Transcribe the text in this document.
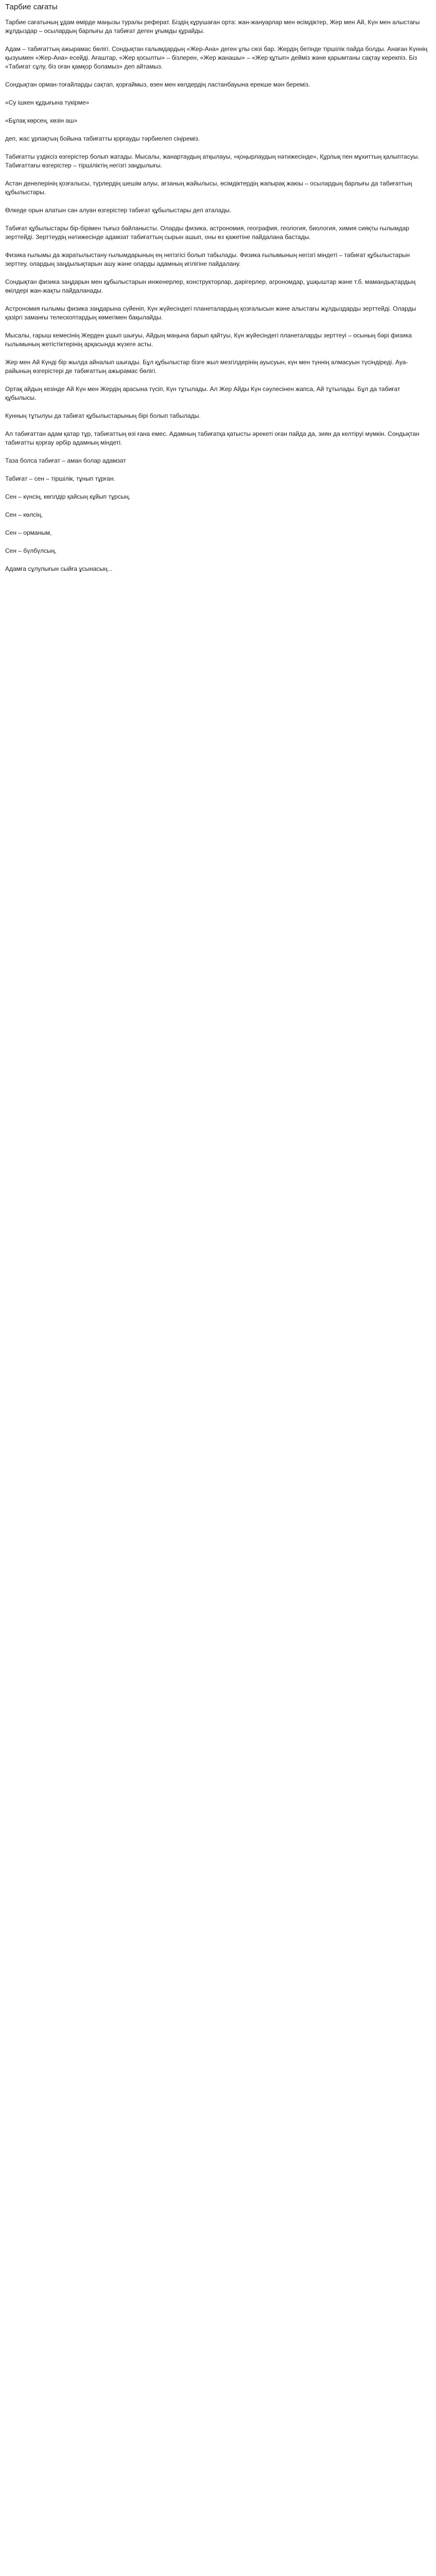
Тарбие сағаты

Тарбие сағатының ұдам өмірде маңызы туралы реферат. Біздің кұрушаған орта: жан-жануарлар мен өсімдіктер, Жер мен Ай, Күн мен алыстағы жұлдыздар – осылардың барлығы да табиғат деген ұғымды құрайды.

Адам – табиғаттың ажырамас бөлігі. Сондықтан ғалымдардың «Жер-Ана» деген ұлы сөзі бар. Жердің бетінде тіршілік пайда болды. Анаған Күннің қызуымен «Жер-Ана» есейді. Ағаштар, «Жер қосылты» – бізлерен, «Жер жанашы» – «Жер құтып» дейміз және қарымтаны сақтау керекпіз. Біз «Табиғат сұлу, біз оған қамқор боламыз» деп айтамыз.

Сондықтан орман-тоғайларды сақтап, қорғаймыз, өзен мен көлдердің ластанбауына ерекше мән береміз.

«Су ішкен құдығына түкірме»

«Бұлақ көрсең, көзін аш»

деп, жас ұрпақтың бойына табиғатты қорғауды тәрбиелеп сіңіреміз.

Табиғатты үздіксіз өзгерістер болып жатады. Мысалы, жанартаудың атқылауы, «қоңырлаудың нәтижесінде», Құрлық пен мұхиттың қалыптасуы. Табиғаттағы өзгерістер – тіршіліктің негізгі заңдылығы.

Астан денелерінің қозғалысы, түрлердің шешім алуы, ағзаның жайылысы, өсімдіктердің жапырақ жаюы – осылардың барлығы да табиғаттың құбылыстары.

Өлкеде орын алатын сан алуан өзгерістер табиғат құбылыстары деп аталады.

Табиғат құбылыстары бір-бірімен тығыз байланысты. Оларды физика, астрономия, география, геология, биология, химия сияқты ғылымдар зерттейді. Зерттеудің нәтижесінде адамзат табиғаттың сырын ашып, оны өз қажетіне пайдалана бастады.

Физика ғылымы да жаратылыстану ғылымдарының ең негізгісі болып табылады. Физика ғылымының негізгі міндеті – табиғат құбылыстарын зерттеу, олардың заңдылықтарын ашу және оларды адамның игілігіне пайдалану.

Сондықтан физика заңдарын мен құбылыстарын инженерлер, конструкторлар, дәрігерлер, агрономдар, ұшқыштар және т.б. мамандықтардың өкілдері жан-жақты пайдаланады.

Астрономия ғылымы физика заңдарына сүйеніп, Күн жүйесіндегі планеталардың қозғалысын және алыстағы жұлдыздарды зерттейді. Оларды қазіргі заманғы телескоптардың көмегімен бақылайды.

Мысалы, ғарыш кемесінің Жерден ұшып шығуы, Айдың маңына барып қайтуы, Күн жүйесіндегі планеталарды зерттеуі – осының бәрі физика ғылымының жетістіктерінің арқасында жүзеге асты.

Жер мен Ай Күнді бір жылда айналып шығады. Бұл құбылыстар бізге жыл мезгілдерінің ауысуын, күн мен түннің алмасуын түсіндіреді. Ауа-райының өзгерістері де табиғаттың ажырамас бөлігі.

Ортақ айдың кезінде Ай Күн мен Жердің арасына түсіп, Күн тұтылады. Ал Жер Айды Күн сәулесінен жапса, Ай тұтылады. Бұл да табиғат құбылысы.

Кунның тұтылуы да табиғат құбылыстарының бірі болып табылады.

Ал табиғаттан адам қатар тұр, табиғаттың өзі ғана емес. Адамның табиғатқа қатысты әрекеті оған пайда да, зиян да келтіруі мүмкін. Сондықтан табиғатты қорғау әрбір адамның міндеті.

Таза болса табиғат – аман болар адамзат

Табиғат – сен – тіршілік, тұнып тұрған.

Сен – күнсің, көгілдір қайсың кұйып тұрсың,

Сен – көлсің,

Сен – орманым,

Сен – бүлбүлсың,

Адамға сұлулығын сыйға ұсынасың...
